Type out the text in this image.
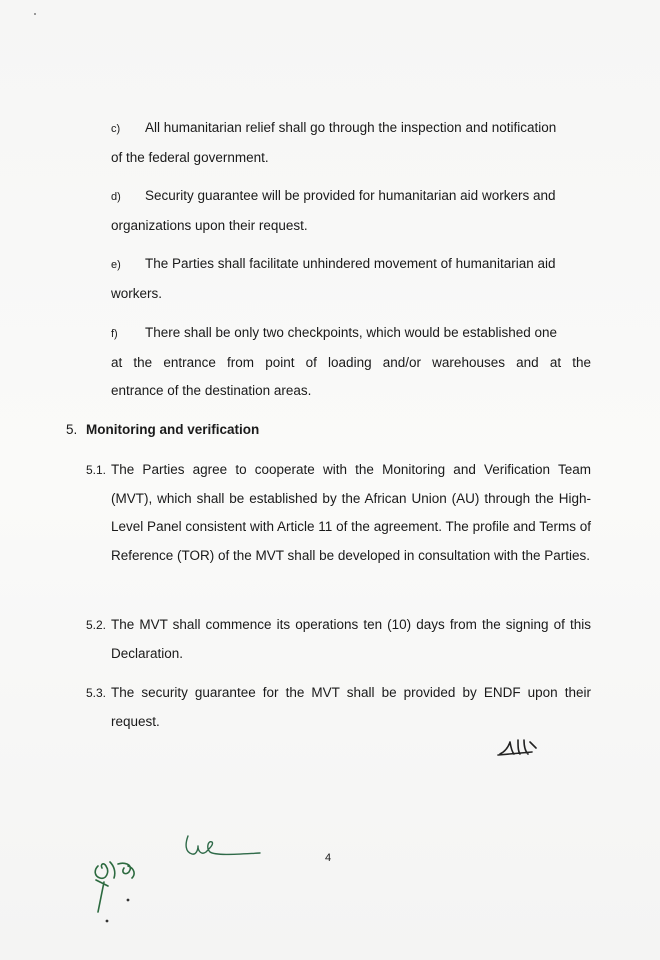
c) All humanitarian relief shall go through the inspection and notification
of the federal government.
d) Security guarantee will be provided for humanitarian aid workers and
organizations upon their request.
e) The Parties shall facilitate unhindered movement of humanitarian aid
workers.
f) There shall be only two checkpoints, which would be established one
at the entrance from point of loading and/or warehouses and at the
entrance of the destination areas.
5. Monitoring and verification
5.1. The Parties agree to cooperate with the Monitoring and Verification Team (MVT), which shall be established by the African Union (AU) through the High-Level Panel consistent with Article 11 of the agreement. The profile and Terms of Reference (TOR) of the MVT shall be developed in consultation with the Parties.
5.2. The MVT shall commence its operations ten (10) days from the signing of this Declaration.
5.3. The security guarantee for the MVT shall be provided by ENDF upon their request.
4
